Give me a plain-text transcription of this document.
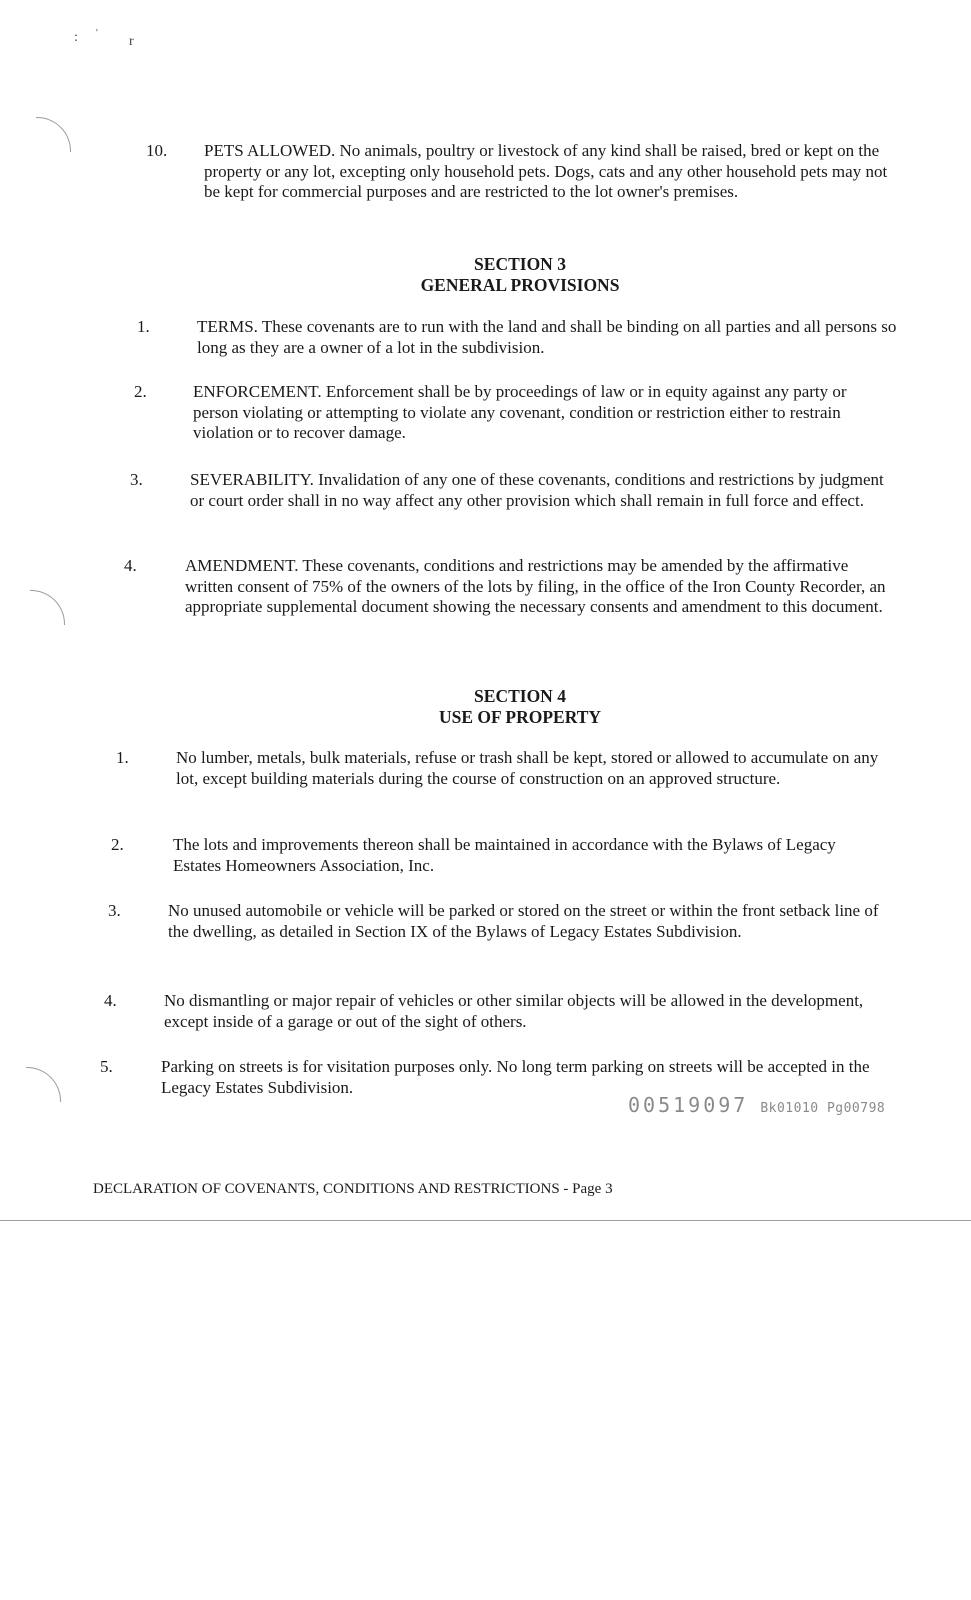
: '
r
10. PETS ALLOWED. No animals, poultry or livestock of any kind shall be raised, bred or kept on the property or any lot, excepting only household pets. Dogs, cats and any other household pets may not be kept for commercial purposes and are restricted to the lot owner's premises.
SECTION 3
GENERAL PROVISIONS
1.	TERMS. These covenants are to run with the land and shall be binding on all parties and all persons so long as they are a owner of a lot in the subdivision.
2.	ENFORCEMENT. Enforcement shall be by proceedings of law or in equity against any party or person violating or attempting to violate any covenant, condition or restriction either to restrain violation or to recover damage.
3.	SEVERABILITY. Invalidation of any one of these covenants, conditions and restrictions by judgment or court order shall in no way affect any other provision which shall remain in full force and effect.
4.	AMENDMENT. These covenants, conditions and restrictions may be amended by the affirmative written consent of 75% of the owners of the lots by filing, in the office of the Iron County Recorder, an appropriate supplemental document showing the necessary consents and amendment to this document.
SECTION 4
USE OF PROPERTY
1.	No lumber, metals, bulk materials, refuse or trash shall be kept, stored or allowed to accumulate on any lot, except building materials during the course of construction on an approved structure.
2.	The lots and improvements thereon shall be maintained in accordance with the Bylaws of Legacy Estates Homeowners Association, Inc.
3.	No unused automobile or vehicle will be parked or stored on the street or within the front setback line of the dwelling, as detailed in Section IX of the Bylaws of Legacy Estates Subdivision.
4.	No dismantling or major repair of vehicles or other similar objects will be allowed in the development, except inside of a garage or out of the sight of others.
5.	Parking on streets is for visitation purposes only. No long term parking on streets will be accepted in the Legacy Estates Subdivision.
00519097 Bk01010 Pg00798
DECLARATION OF COVENANTS, CONDITIONS AND RESTRICTIONS - Page 3
